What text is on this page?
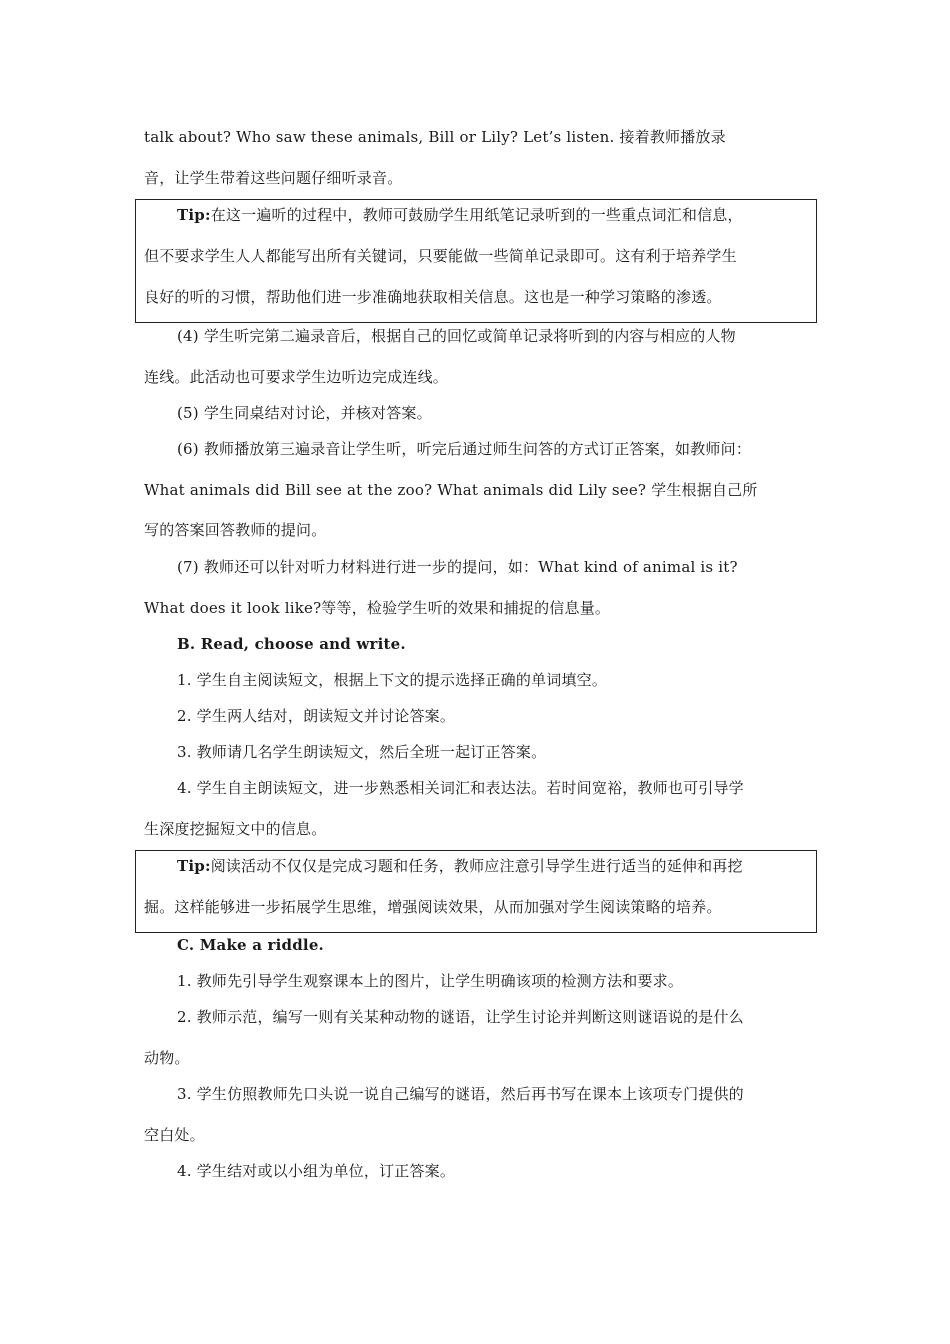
talk about? Who saw these animals, Bill or Lily? Let’s listen. 接着教师播放录
音，让学生带着这些问题仔细听录音。
Tip:在这一遍听的过程中，教师可鼓励学生用纸笔记录听到的一些重点词汇和信息，
但不要求学生人人都能写出所有关键词，只要能做一些简单记录即可。这有利于培养学生
良好的听的习惯，帮助他们进一步准确地获取相关信息。这也是一种学习策略的渗透。
(4) 学生听完第二遍录音后，根据自己的回忆或简单记录将听到的内容与相应的人物
连线。此活动也可要求学生边听边完成连线。
(5) 学生同桌结对讨论，并核对答案。
(6) 教师播放第三遍录音让学生听，听完后通过师生问答的方式订正答案，如教师问：
What animals did Bill see at the zoo? What animals did Lily see? 学生根据自己所
写的答案回答教师的提问。
(7) 教师还可以针对听力材料进行进一步的提问，如：What kind of animal is it?
What does it look like?等等，检验学生听的效果和捕捉的信息量。
B. Read, choose and write.
1. 学生自主阅读短文，根据上下文的提示选择正确的单词填空。
2. 学生两人结对，朗读短文并讨论答案。
3. 教师请几名学生朗读短文，然后全班一起订正答案。
4. 学生自主朗读短文，进一步熟悉相关词汇和表达法。若时间宽裕，教师也可引导学
生深度挖掘短文中的信息。
Tip:阅读活动不仅仅是完成习题和任务，教师应注意引导学生进行适当的延伸和再挖
掘。这样能够进一步拓展学生思维，增强阅读效果，从而加强对学生阅读策略的培养。
C. Make a riddle.
1. 教师先引导学生观察课本上的图片，让学生明确该项的检测方法和要求。
2. 教师示范，编写一则有关某种动物的谜语，让学生讨论并判断这则谜语说的是什么
动物。
3. 学生仿照教师先口头说一说自己编写的谜语，然后再书写在课本上该项专门提供的
空白处。
4. 学生结对或以小组为单位，订正答案。
